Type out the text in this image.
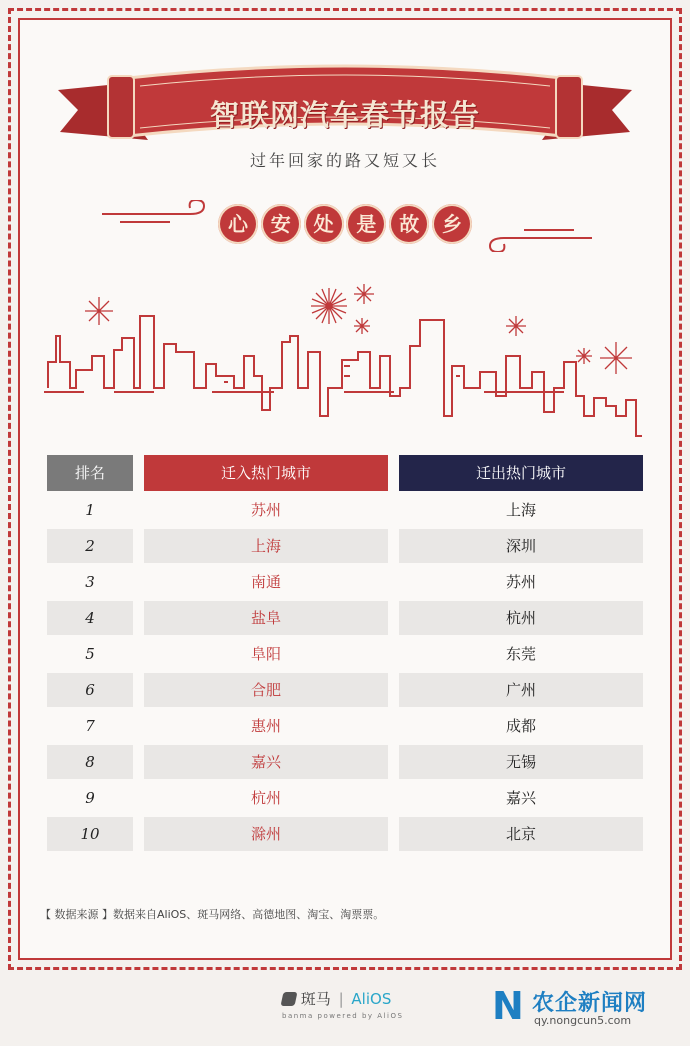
智联网汽车春节报告
过年回家的路又短又长
心	安	处	是	故	乡
排名	迁入热门城市	迁出热门城市
1	苏州	上海
2	上海	深圳
3	南通	苏州
4	盐阜	杭州
5	阜阳	东莞
6	合肥	广州
7	惠州	成都
8	嘉兴	无锡
9	杭州	嘉兴
10	滁州	北京
【 数据来源 】数据来自AliOS、斑马网络、高德地图、淘宝、淘票票。
斑马 | AliOS
banma powered by AliOS N 农企新闻网
qy.nongcun5.com
